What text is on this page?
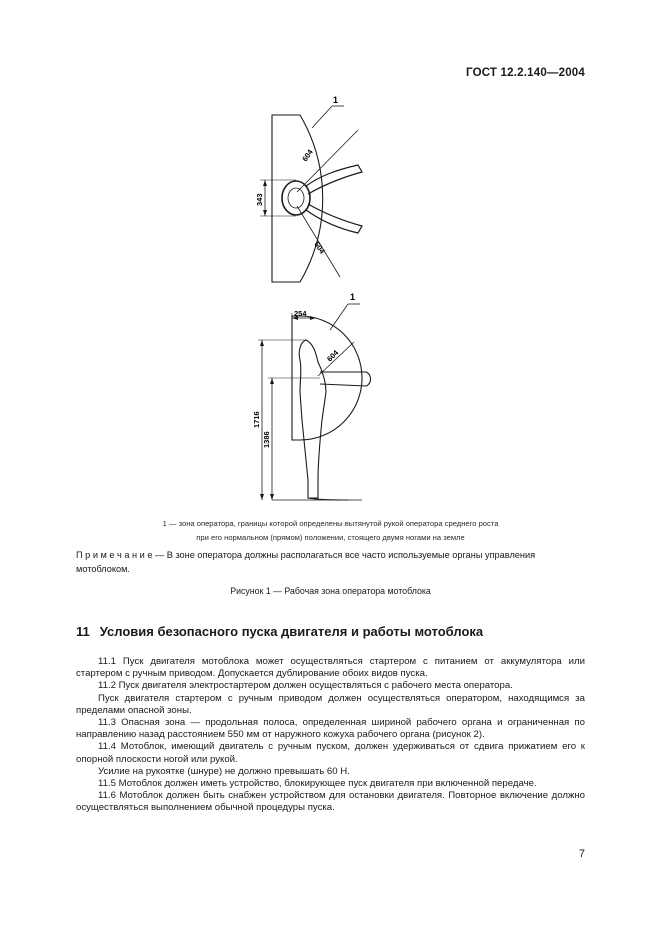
ГОСТ 12.2.140—2004
1
604
604
343
1
254
604
1716
1386
1 — зона оператора, границы которой определены вытянутой рукой оператора среднего роста
при его нормальном (прямом) положении, стоящего двумя ногами на земле
П р и м е ч а н и е — В зоне оператора должны располагаться все часто используемые органы управления мотоблоком.
Рисунок 1 — Рабочая зона оператора мотоблока
11 Условия безопасного пуска двигателя и работы мотоблока

11.1 Пуск двигателя мотоблока может осуществляться стартером с питанием от аккумулятора или стартером с ручным приводом. Допускается дублирование обоих видов пуска.

11.2 Пуск двигателя электростартером должен осуществляться с рабочего места оператора.

Пуск двигателя стартером с ручным приводом должен осуществляться оператором, находящимся за пределами опасной зоны.

11.3 Опасная зона — продольная полоса, определенная шириной рабочего органа и ограниченная по направлению назад расстоянием 550 мм от наружного кожуха рабочего органа (рисунок 2).

11.4 Мотоблок, имеющий двигатель с ручным пуском, должен удерживаться от сдвига прижатием его к опорной плоскости ногой или рукой.

Усилие на рукоятке (шнуре) не должно превышать 60 Н.

11.5 Мотоблок должен иметь устройство, блокирующее пуск двигателя при включенной передаче.

11.6 Мотоблок должен быть снабжен устройством для остановки двигателя. Повторное включение должно осуществляться выполнением обычной процедуры пуска.

7
